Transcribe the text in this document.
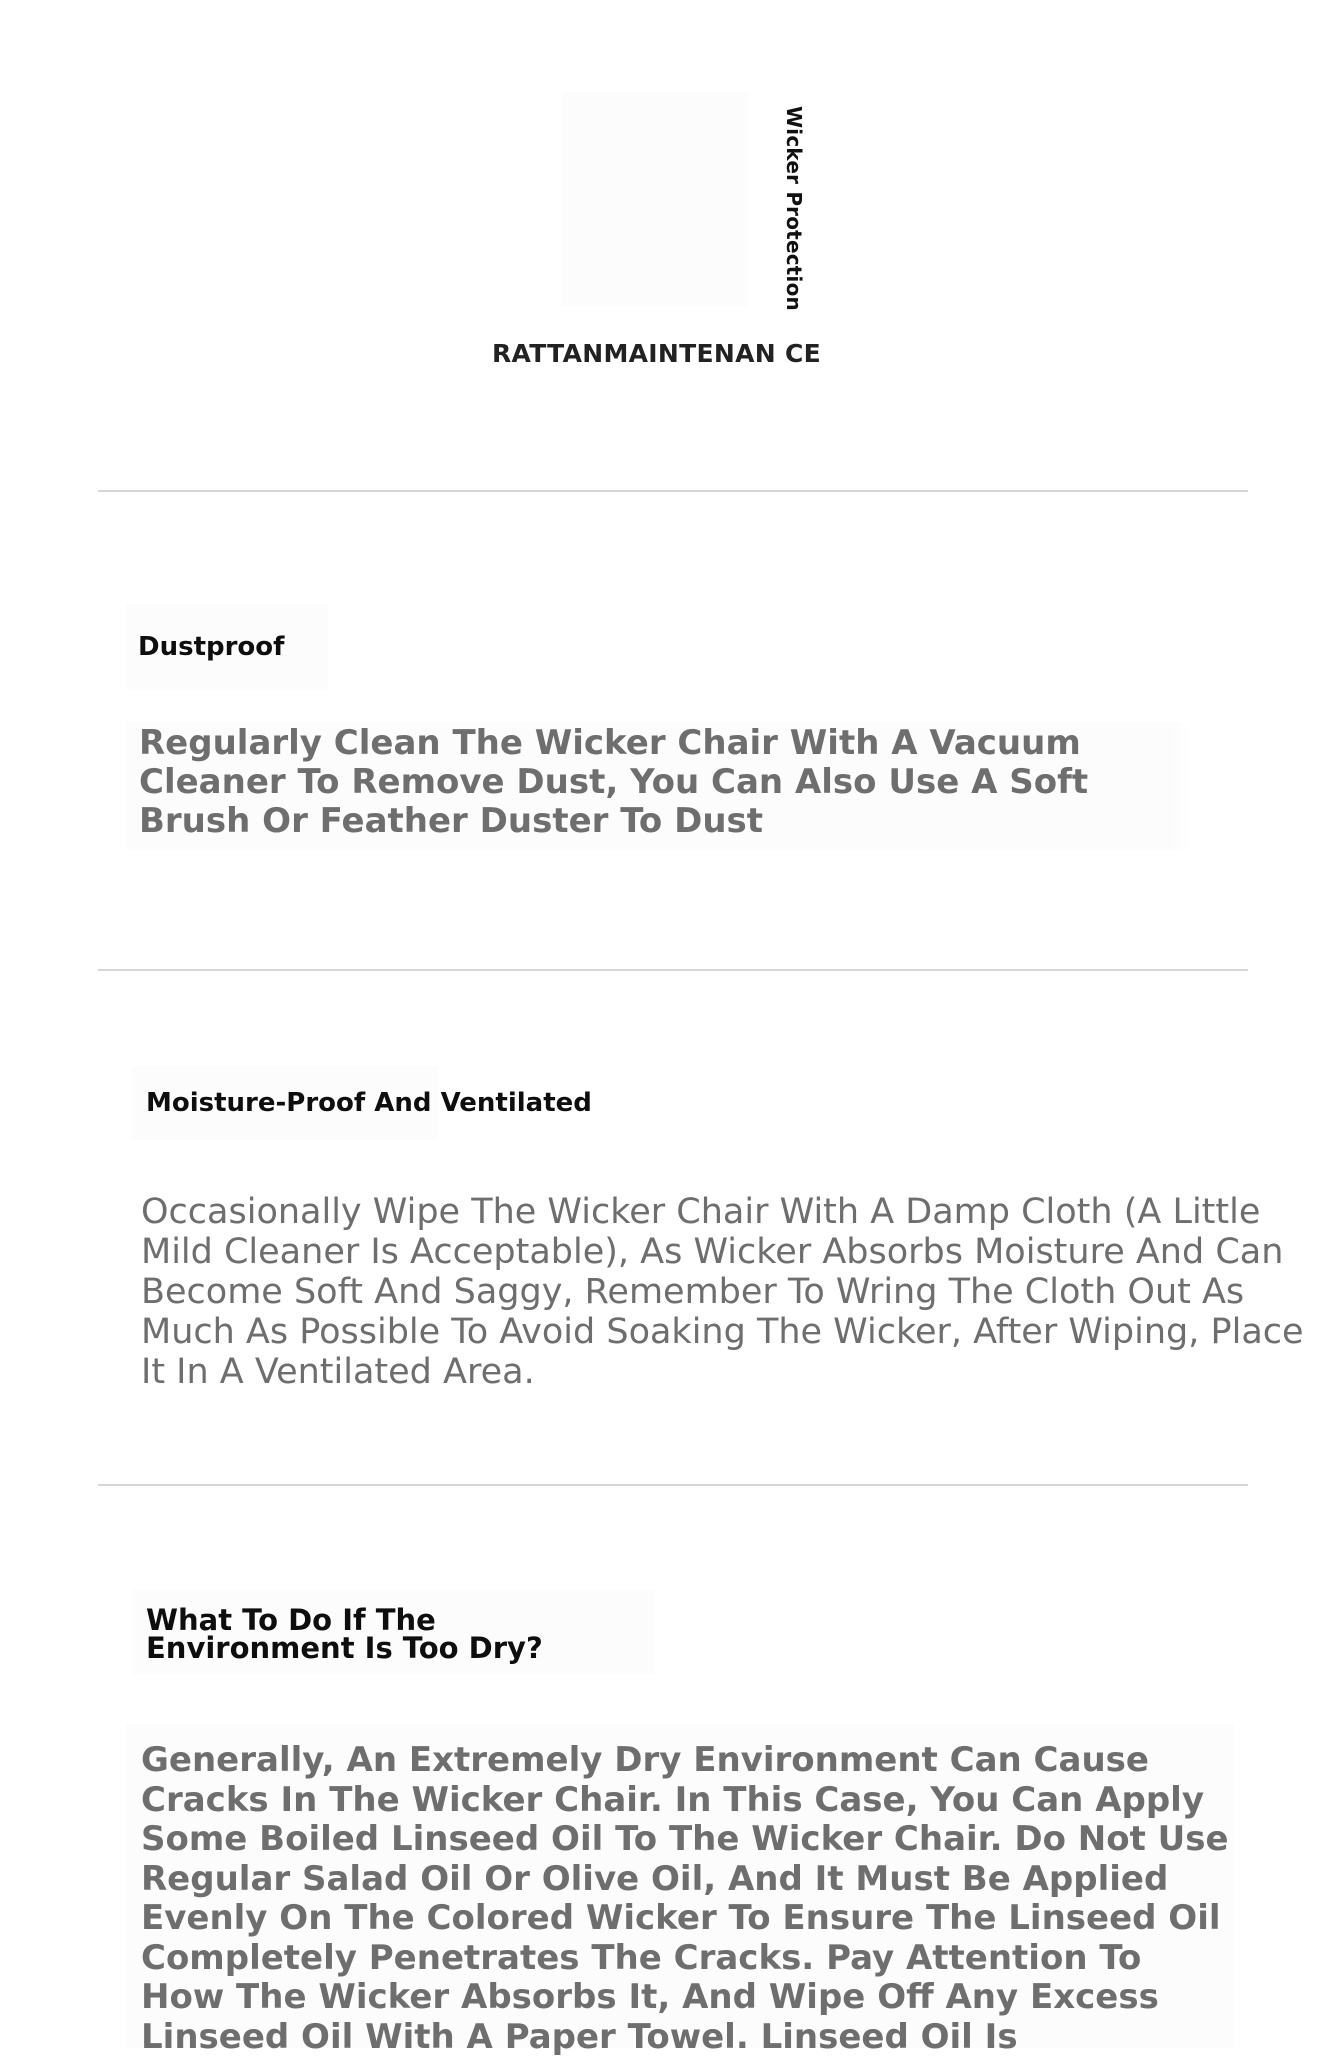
Wicker Protection
RATTANMAINTENAN CE
Dustproof
Regularly Clean The Wicker Chair With A Vacuum Cleaner To Remove Dust, You Can Also Use A Soft Brush Or Feather Duster To Dust
Moisture-Proof And Ventilated
Occasionally Wipe The Wicker Chair With A Damp Cloth (A Little Mild Cleaner Is Acceptable), As Wicker Absorbs Moisture And Can Become Soft And Saggy, Remember To Wring The Cloth Out As Much As Possible To Avoid Soaking The Wicker, After Wiping, Place It In A Ventilated Area.
What To Do If The Environment Is Too Dry?
Generally, An Extremely Dry Environment Can Cause Cracks In The Wicker Chair. In This Case, You Can Apply Some Boiled Linseed Oil To The Wicker Chair. Do Not Use Regular Salad Oil Or Olive Oil, And It Must Be Applied Evenly On The Colored Wicker To Ensure The Linseed Oil Completely Penetrates The Cracks. Pay Attention To How The Wicker Absorbs It, And Wipe Off Any Excess Linseed Oil With A Paper Towel. Linseed Oil Is
